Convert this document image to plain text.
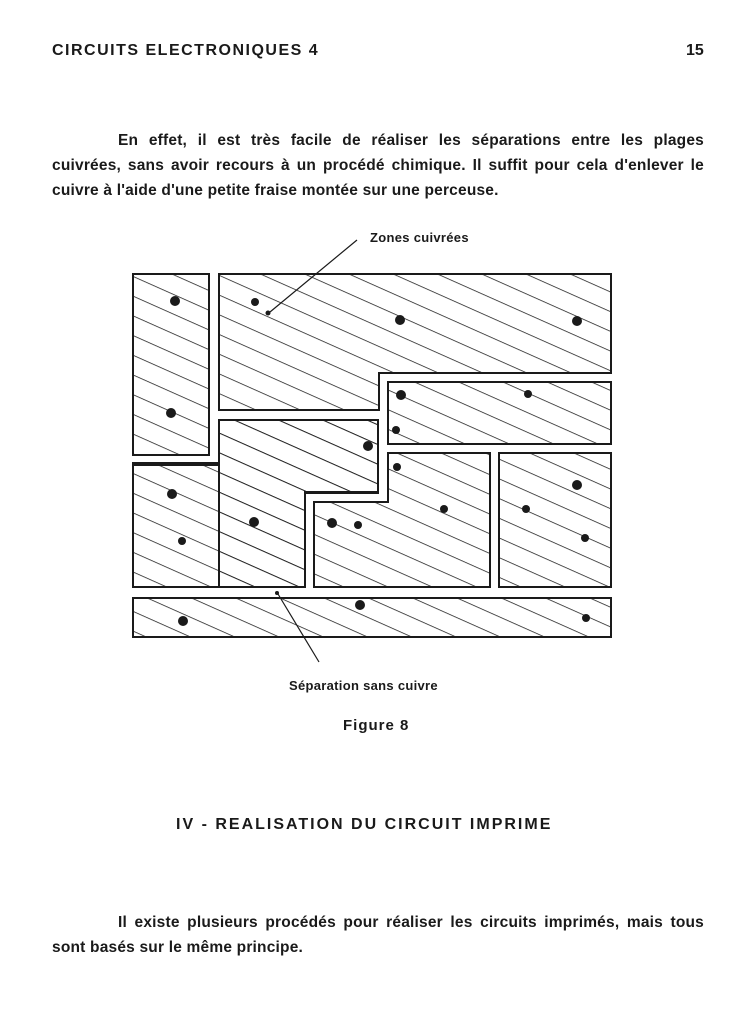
CIRCUITS ELECTRONIQUES 4	15

En effet, il est très facile de réaliser les séparations entre les plages cuivrées, sans avoir recours à un procédé chimique. Il suffit pour cela d'enlever le cuivre à l'aide d'une petite fraise montée sur une perceuse.

Zones cuivrées
Séparation sans cuivre
Figure 8
IV - REALISATION DU CIRCUIT IMPRIME

Il existe plusieurs procédés pour réaliser les circuits imprimés, mais tous sont basés sur le même principe.
